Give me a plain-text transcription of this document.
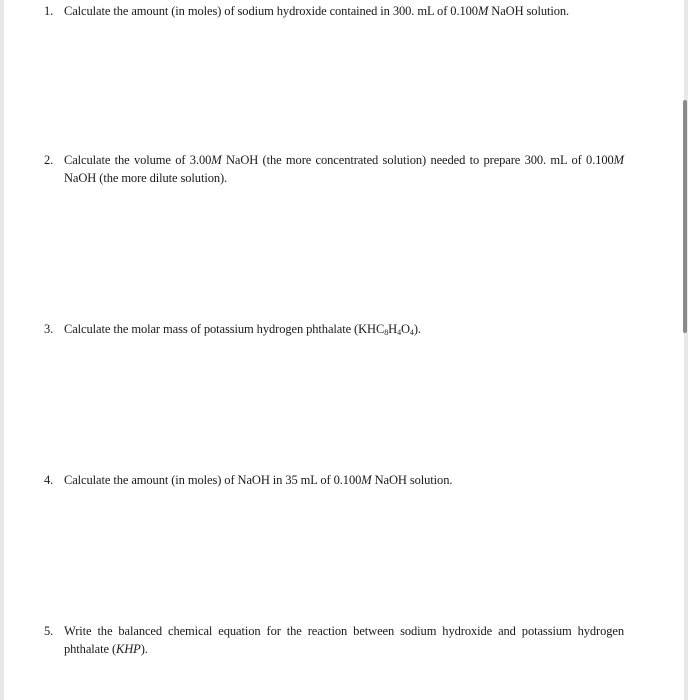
1. Calculate the amount (in moles) of sodium hydroxide contained in 300. mL of 0.100M NaOH solution.
2. Calculate the volume of 3.00M NaOH (the more concentrated solution) needed to prepare 300. mL of 0.100M NaOH (the more dilute solution).
3. Calculate the molar mass of potassium hydrogen phthalate $(KHC_8H_4O_4)$.
4. Calculate the amount (in moles) of NaOH in 35 mL of 0.100M NaOH solution.
5. Write the balanced chemical equation for the reaction between sodium hydroxide and potassium hydrogen phthalate (KHP).
